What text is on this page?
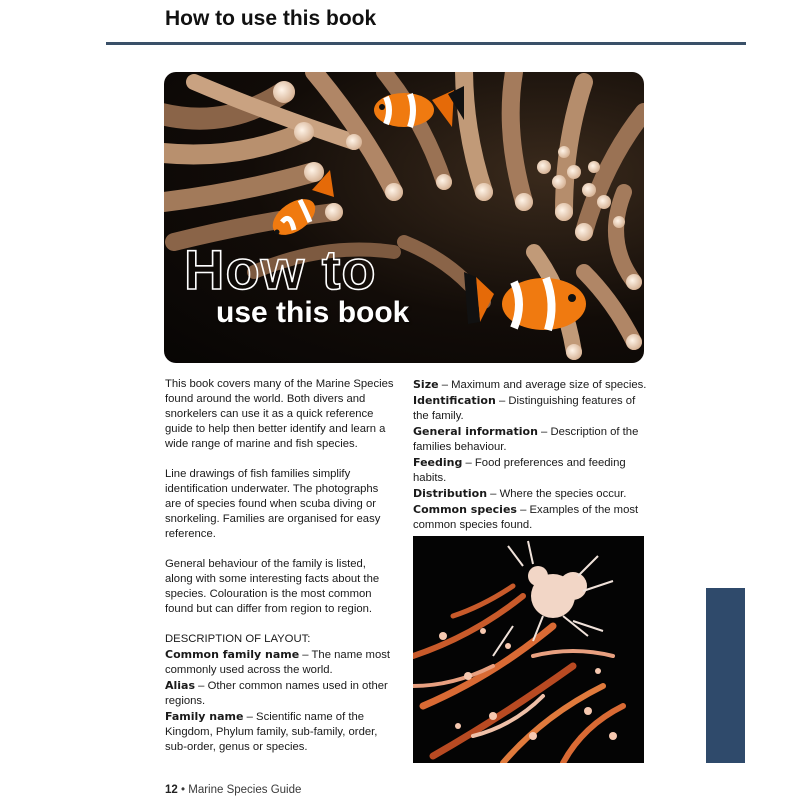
How to use this book
How to
use this book

This book covers many of the Marine Species found around the world. Both divers and snorkelers can use it as a quick reference guide to help then better identify and learn a wide range of marine and fish species.

Line drawings of fish families simplify identification underwater. The photographs are of species found when scuba diving or snorkeling. Families are organised for easy reference.

General behaviour of the family is listed, along with some interesting facts about the species. Colouration is the most common found but can differ from region to region.

DESCRIPTION OF LAYOUT:
Common family name – The name most commonly used across the world.
Alias – Other common names used in other regions.
Family name – Scientific name of the Kingdom, Phylum family, sub-family, order, sub-order, genus or species.
Size – Maximum and average size of species.
Identification – Distinguishing features of the family.
General information – Description of the families behaviour.
Feeding – Food preferences and feeding habits.
Distribution – Where the species occur.
Common species – Examples of the most common species found.
12 • Marine Species Guide
